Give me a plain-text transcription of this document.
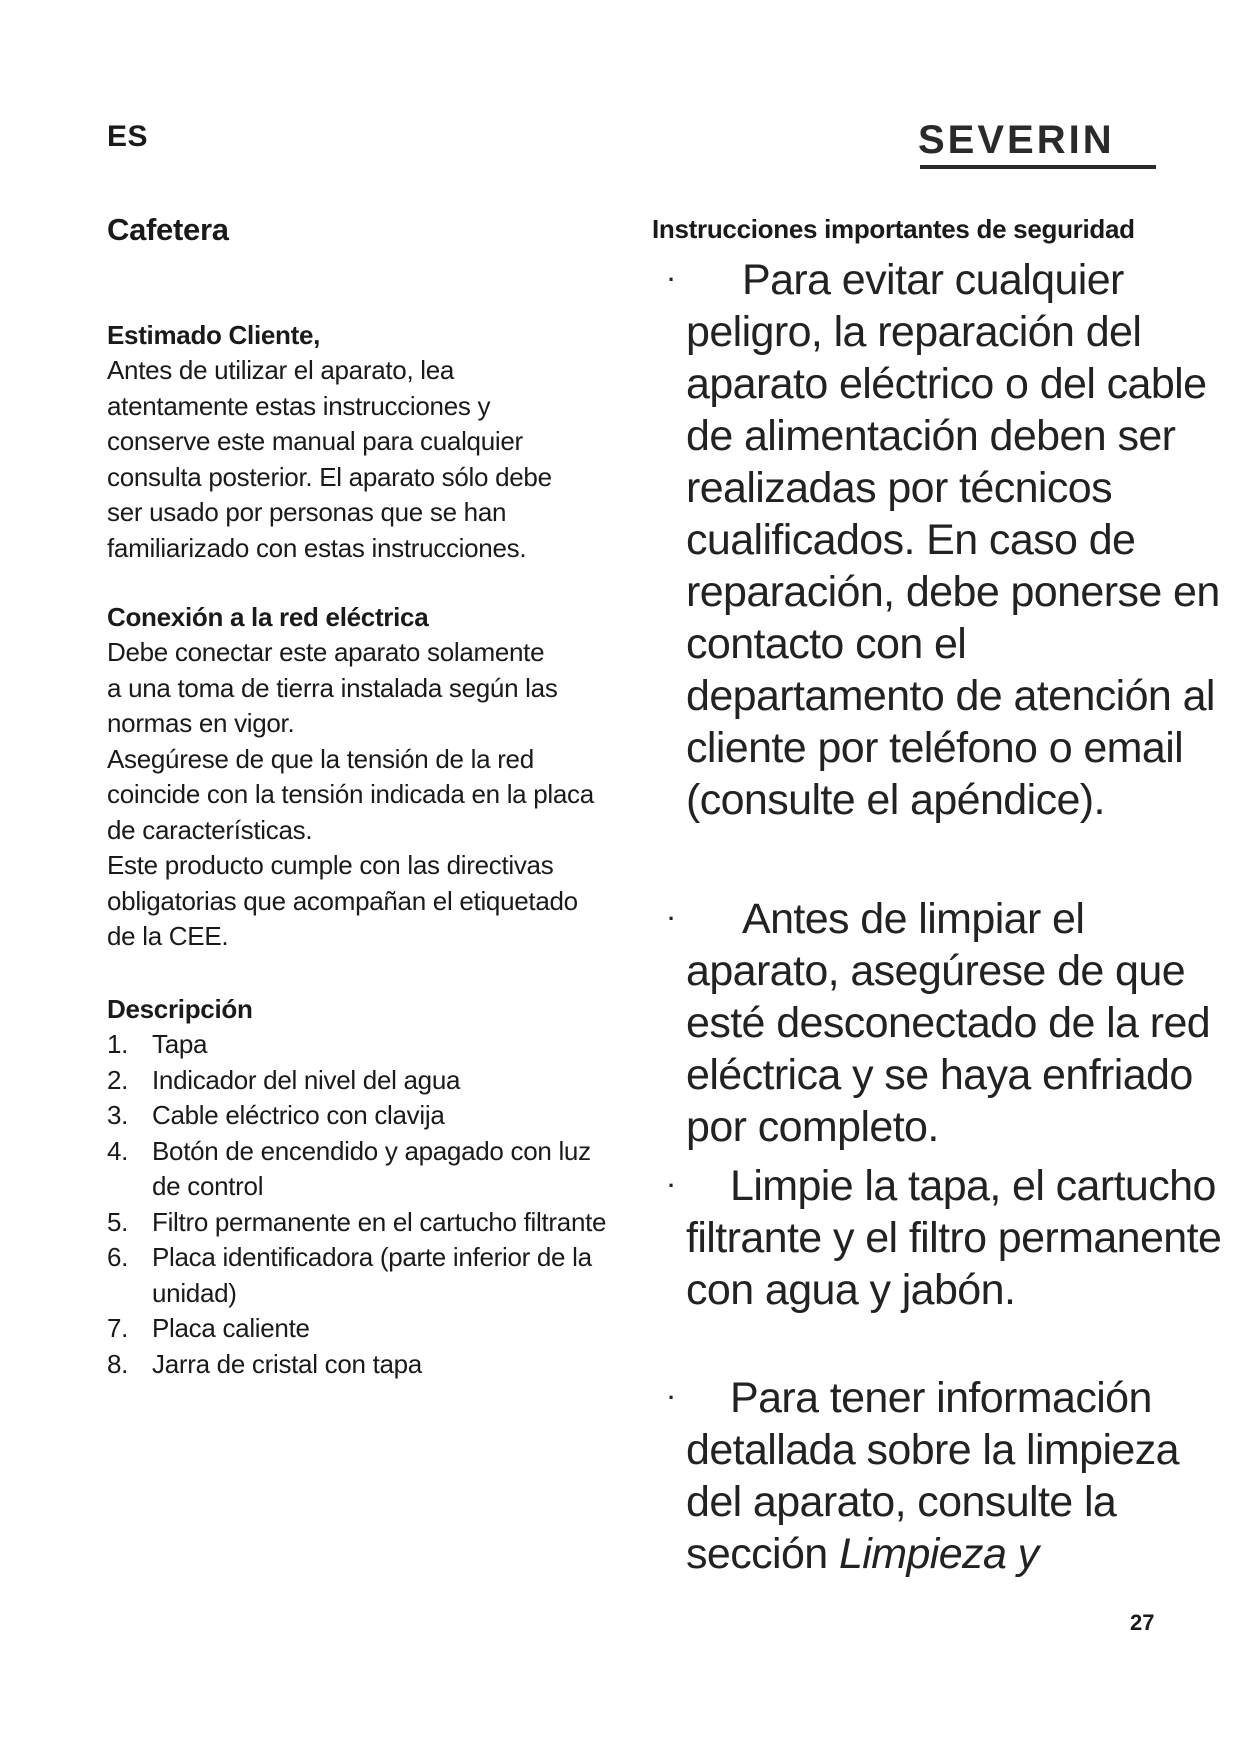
ES	SEVERIN
Cafetera
Estimado Cliente,
Antes de utilizar el aparato, lea
atentamente estas instrucciones y
conserve este manual para cualquier
consulta posterior. El aparato sólo debe
ser usado por personas que se han
familiarizado con estas instrucciones.
Conexión a la red eléctrica
Debe conectar este aparato solamente
a una toma de tierra instalada según las
normas en vigor.
Asegúrese de que la tensión de la red
coincide con la tensión indicada en la placa
de características.
Este producto cumple con las directivas
obligatorias que acompañan el etiquetado
de la CEE.
Descripción
1. Tapa
2. Indicador del nivel del agua
3. Cable eléctrico con clavija
4. Botón de encendido y apagado con luz de control
5. Filtro permanente en el cartucho filtrante
6. Placa identificadora (parte inferior de la unidad)
7. Placa caliente
8. Jarra de cristal con tapa
Instrucciones importantes de seguridad
·	Para evitar cualquier peligro, la reparación del aparato eléctrico o del cable de alimentación deben ser realizadas por técnicos cualificados. En caso de reparación, debe ponerse en contacto con el departamento de atención al cliente por teléfono o email (consulte el apéndice).

·	Antes de limpiar el aparato, asegúrese de que esté desconectado de la red eléctrica y se haya enfriado por completo.

·	Limpie la tapa, el cartucho filtrante y el filtro permanente con agua y jabón.

·	Para tener información detallada sobre la limpieza del aparato, consulte la sección Limpieza y

27
